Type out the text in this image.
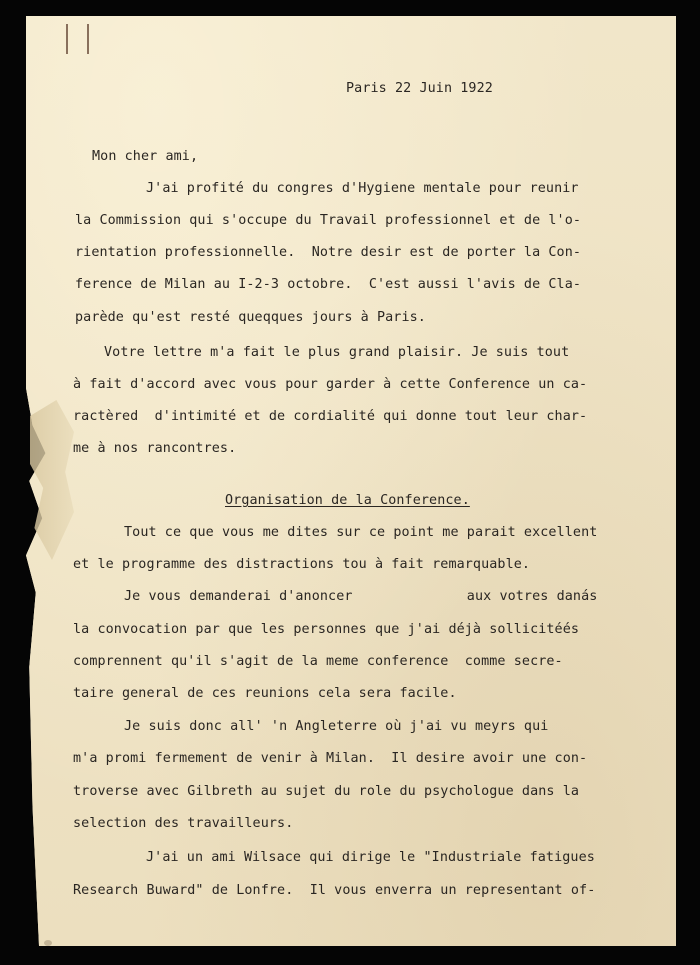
Paris 22 Juin 1922
Mon cher ami,
J'ai profité du congres d'Hygiene mentale pour reunir
la Commission qui s'occupe du Travail professionnel et de l'o-
rientation professionnelle.  Notre desir est de porter la Con-
ference de Milan au I-2-3 octobre.  C'est aussi l'avis de Cla-
parède qu'est resté queqques jours à Paris.
Votre lettre m'a fait le plus grand plaisir. Je suis tout
à fait d'accord avec vous pour garder à cette Conference un ca-
ractèred  d'intimité et de cordialité qui donne tout leur char-
me à nos rancontres.
Organisation de la Conference.
Tout ce que vous me dites sur ce point me parait excellent
et le programme des distractions tou à fait remarquable.
Je vous demanderai d'anoncer              aux votres danás
la convocation par que les personnes que j'ai déjà sollicitéés
comprennent qu'il s'agit de la meme conference  comme secre-
taire general de ces reunions cela sera facile.
Je suis donc all' 'n Angleterre où j'ai vu meyrs qui
m'a promi fermement de venir à Milan.  Il desire avoir une con-
troverse avec Gilbreth au sujet du role du psychologue dans la
selection des travailleurs.
J'ai un ami Wilsace qui dirige le "Industriale fatigues
Research Buward" de Lonfre.  Il vous enverra un representant of-
